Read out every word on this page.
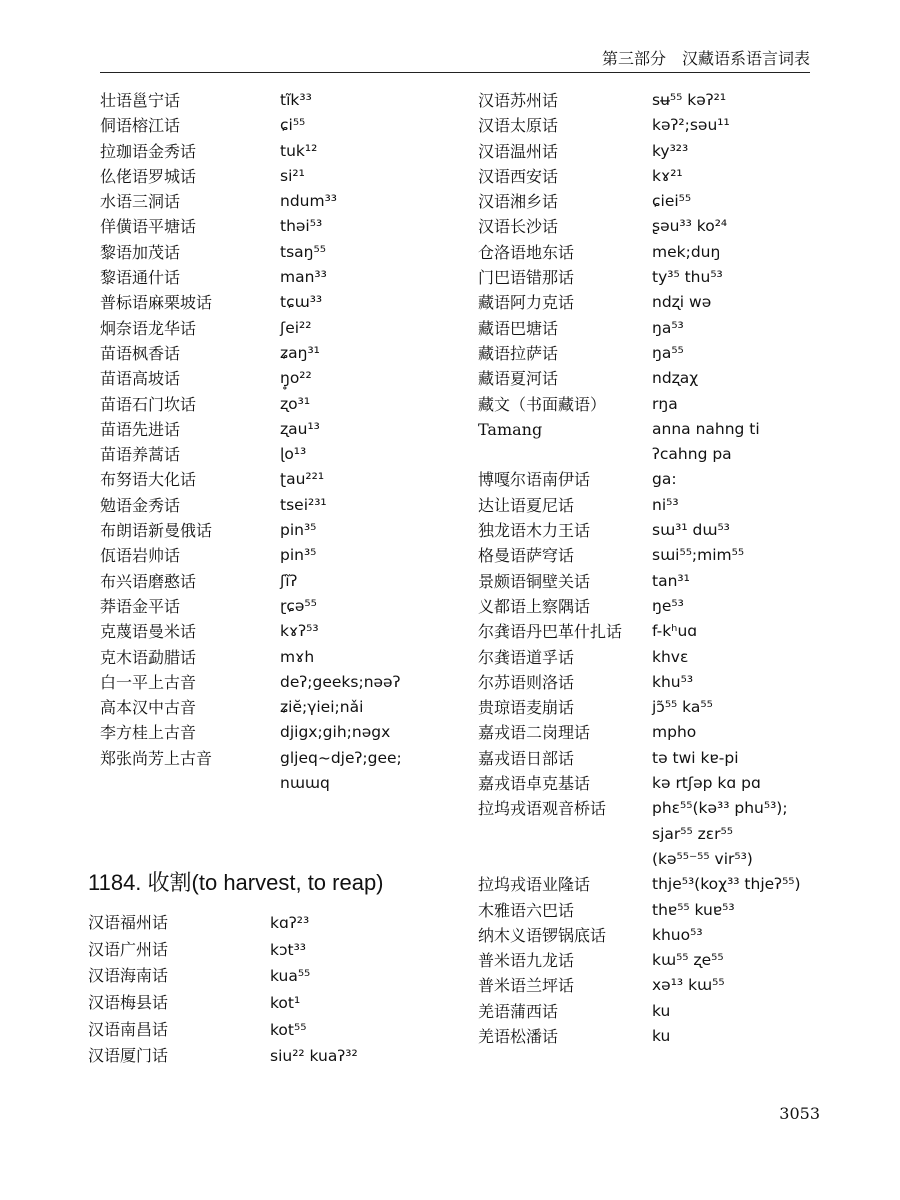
第三部分　汉藏语系语言词表
壮语邕宁话	tĩk³³
侗语榕江话	ɕi⁵⁵
拉珈语金秀话	tuk¹²
仫佬语罗城话	si²¹
水语三洞话	ndum³³
佯僙语平塘话	thəi⁵³
黎语加茂话	tsaŋ⁵⁵
黎语通什话	man³³
普标语麻栗坡话	tɕɯ³³
炯奈语龙华话	ʃei²²
苗语枫香话	ʑaŋ³¹
苗语高坡话	ŋ̥o²²
苗语石门坎话	ʐo³¹
苗语先进话	ʐau¹³
苗语养蒿话	ɭo¹³
布努语大化话	ʈau²²¹
勉语金秀话	tsei²³¹
布朗语新曼俄话	pin³⁵
佤语岩帅话	pin³⁵
布兴语磨憨话	ʃĩʔ
莽语金平话	ɽɕə⁵⁵
克蔑语曼米话	kɤʔ⁵³
克木语勐腊话	mɤh
白一平上古音	deʔ;geeks;nəəʔ
高本汉中古音	ʑiĕ;γiei;nǎi
李方桂上古音	djigx;gih;nəgx
郑张尚芳上古音	gljeq~djeʔ;gee;
nɯɯq
汉语苏州话	sʉ⁵⁵ kəʔ²¹
汉语太原话	kəʔ²;səu¹¹
汉语温州话	ky³²³
汉语西安话	kɤ²¹
汉语湘乡话	ɕiei⁵⁵
汉语长沙话	ʂəu³³ ko²⁴
仓洛语地东话	mek;duŋ
门巴语错那话	ty³⁵ thu⁵³
藏语阿力克话	ndʐi wə
藏语巴塘话	ŋa⁵³
藏语拉萨话	ŋa⁵⁵
藏语夏河话	ndʐaχ
藏文（书面藏语）	rŋa
Tamang	anna nahng ti
ʔcahng pa
博嘎尔语南伊话	ga:
达让语夏尼话	ni⁵³
独龙语木力王话	sɯ³¹ dɯ⁵³
格曼语萨穹话	sɯi⁵⁵;mim⁵⁵
景颇语铜壁关话	tan³¹
义都语上察隅话	ŋe⁵³
尔龚语丹巴革什扎话 f-kʰuɑ
尔龚语道孚话	khvɛ
尔苏语则洛话	khu⁵³
贵琼语麦崩话	jɔ̃⁵⁵ ka⁵⁵
嘉戎语二岗理话	mpho
嘉戎语日部话	tə twi kɐ-pi
嘉戎语卓克基话	kə rtʃəp kɑ pɑ
拉坞戎语观音桥话	phɛ⁵⁵(kə³³ phu⁵³);
sjar⁵⁵ zɛr⁵⁵
(kə⁵⁵⁻⁵⁵ vir⁵³)
拉坞戎语业隆话	thje⁵³(koχ³³ thjeʔ⁵⁵)
木雅语六巴话	thɐ⁵⁵ kuɐ⁵³
纳木义语锣锅底话	khuo⁵³
普米语九龙话	kɯ⁵⁵ ʐe⁵⁵
普米语兰坪话	xə¹³ kɯ⁵⁵
羌语蒲西话	ku
羌语松潘话	ku
1184. 收割(to harvest, to reap)
汉语福州话	kɑʔ²³
汉语广州话	kɔt³³
汉语海南话	kua⁵⁵
汉语梅县话	kot¹
汉语南昌话	kot⁵⁵
汉语厦门话	siu²² kuaʔ³²
3053
